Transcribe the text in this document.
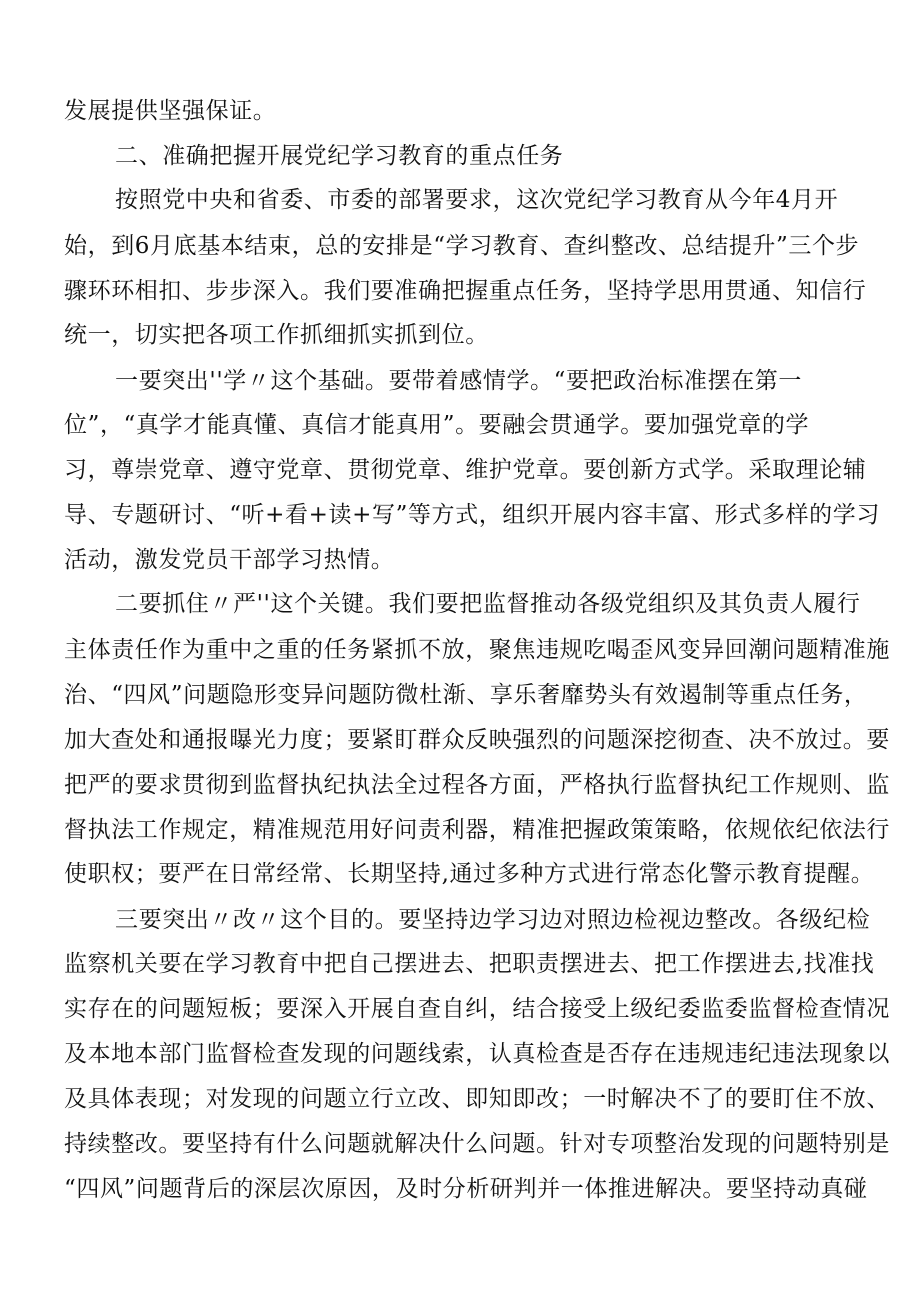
发展提供坚强保证。
二、准确把握开展党纪学习教育的重点任务
按照党中央和省委、市委的部署要求，这次党纪学习教育从今年4月开
始，到6月底基本结束，总的安排是“学习教育、查纠整改、总结提升”三个步
骤环环相扣、步步深入。我们要准确把握重点任务，坚持学思用贯通、知信行
统一，切实把各项工作抓细抓实抓到位。
一要突出''学〃这个基础。要带着感情学。“要把政治标准摆在第一
位”，“真学才能真懂、真信才能真用”。要融会贯通学。要加强党章的学
习，尊崇党章、遵守党章、贯彻党章、维护党章。要创新方式学。采取理论辅
导、专题研讨、“听+看+读+写”等方式，组织开展内容丰富、形式多样的学习
活动，激发党员干部学习热情。
二要抓住〃严''这个关键。我们要把监督推动各级党组织及其负责人履行
主体责任作为重中之重的任务紧抓不放，聚焦违规吃喝歪风变异回潮问题精准施
治、“四风”问题隐形变异问题防微杜渐、享乐奢靡势头有效遏制等重点任务，
加大查处和通报曝光力度；要紧盯群众反映强烈的问题深挖彻查、决不放过。要
把严的要求贯彻到监督执纪执法全过程各方面，严格执行监督执纪工作规则、监
督执法工作规定，精准规范用好问责利器，精准把握政策策略，依规依纪依法行
使职权；要严在日常经常、长期坚持,通过多种方式进行常态化警示教育提醒。
三要突出〃改〃这个目的。要坚持边学习边对照边检视边整改。各级纪检
监察机关要在学习教育中把自己摆进去、把职责摆进去、把工作摆进去,找准找
实存在的问题短板；要深入开展自查自纠，结合接受上级纪委监委监督检查情况
及本地本部门监督检查发现的问题线索，认真检查是否存在违规违纪违法现象以
及具体表现；对发现的问题立行立改、即知即改；一时解决不了的要盯住不放、
持续整改。要坚持有什么问题就解决什么问题。针对专项整治发现的问题特别是
“四风”问题背后的深层次原因，及时分析研判并一体推进解决。要坚持动真碰
